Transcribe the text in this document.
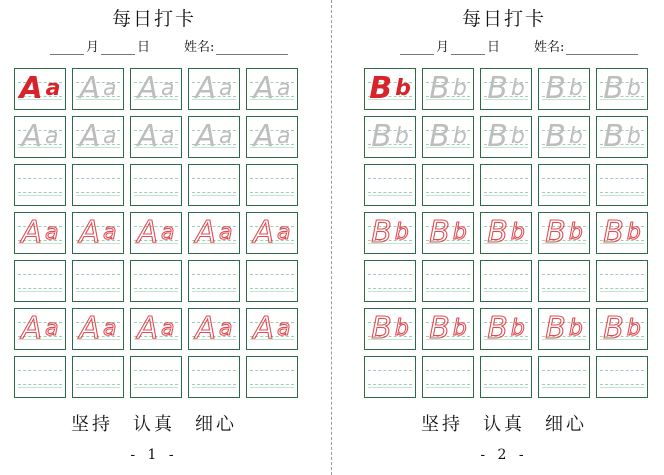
每日打卡
月	日	姓名:
A a A a A a A a A a
A a A a A a A a A a
A a A a A a A a A a
A a A a A a A a A a
坚持 认真 细心
- 1 -
每日打卡
月	日	姓名:
B b B b B b B b B b
B b B b B b B b B b
B b B b B b B b B b
B b B b B b B b B b
坚持 认真 细心
- 2 -
